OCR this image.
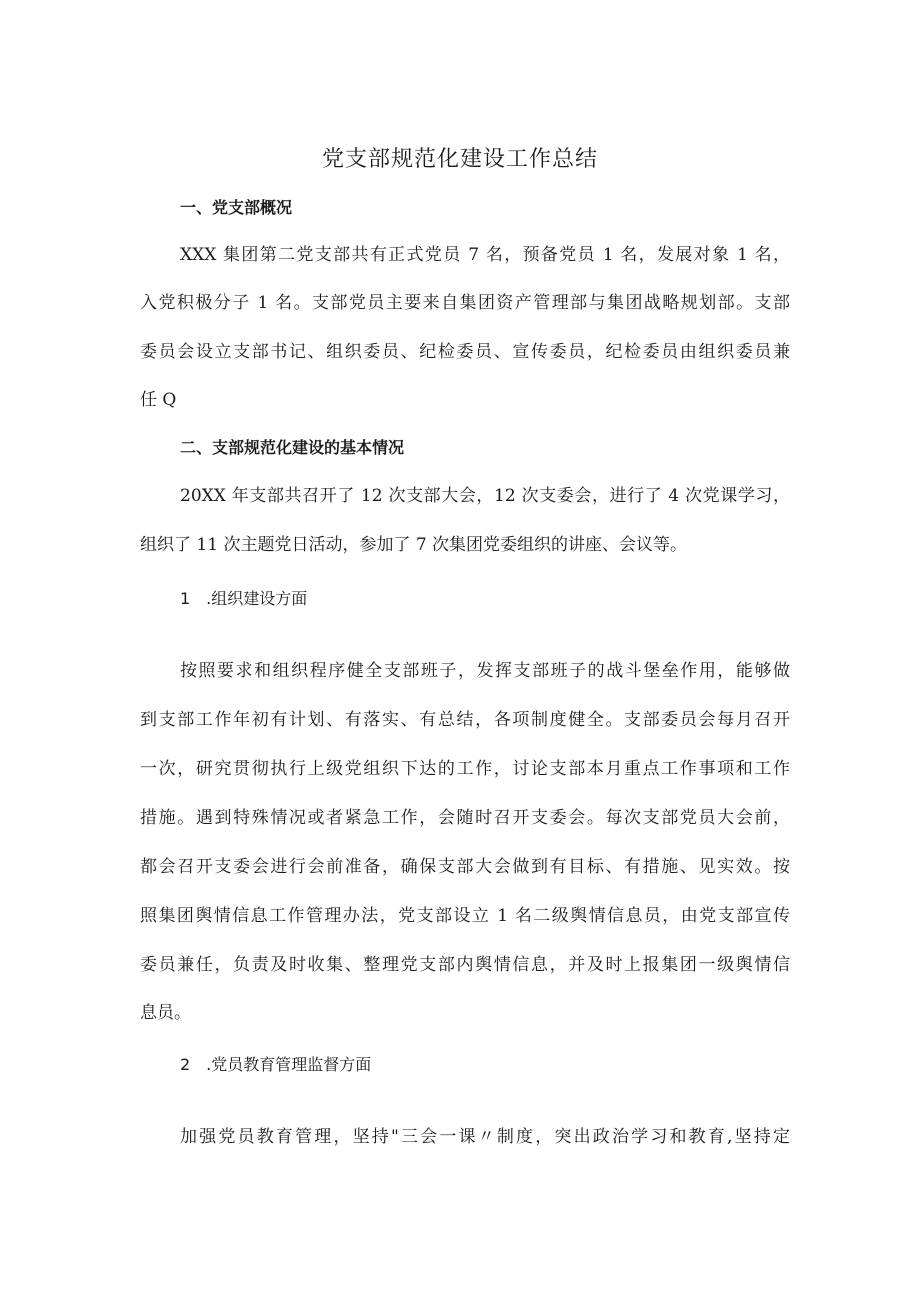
党支部规范化建设工作总结

一、党支部概况

XXX 集团第二党支部共有正式党员 7 名，预备党员 1 名，发展对象 1 名，

入党积极分子 1 名。支部党员主要来自集团资产管理部与集团战略规划部。支部

委员会设立支部书记、组织委员、纪检委员、宣传委员，纪检委员由组织委员兼

任 Q

二、支部规范化建设的基本情况

20XX 年支部共召开了 12 次支部大会，12 次支委会，进行了 4 次党课学习，

组织了 11 次主题党日活动，参加了 7 次集团党委组织的讲座、会议等。

1　.组织建设方面

按照要求和组织程序健全支部班子，发挥支部班子的战斗堡垒作用，能够做

到支部工作年初有计划、有落实、有总结，各项制度健全。支部委员会每月召开

一次，研究贯彻执行上级党组织下达的工作，讨论支部本月重点工作事项和工作

措施。遇到特殊情况或者紧急工作，会随时召开支委会。每次支部党员大会前，

都会召开支委会进行会前准备，确保支部大会做到有目标、有措施、见实效。按

照集团舆情信息工作管理办法，党支部设立 1 名二级舆情信息员，由党支部宣传

委员兼任，负责及时收集、整理党支部内舆情信息，并及时上报集团一级舆情信

息员。

2　.党员教育管理监督方面

加强党员教育管理，坚持"三会一课〃制度，突出政治学习和教育,坚持定
